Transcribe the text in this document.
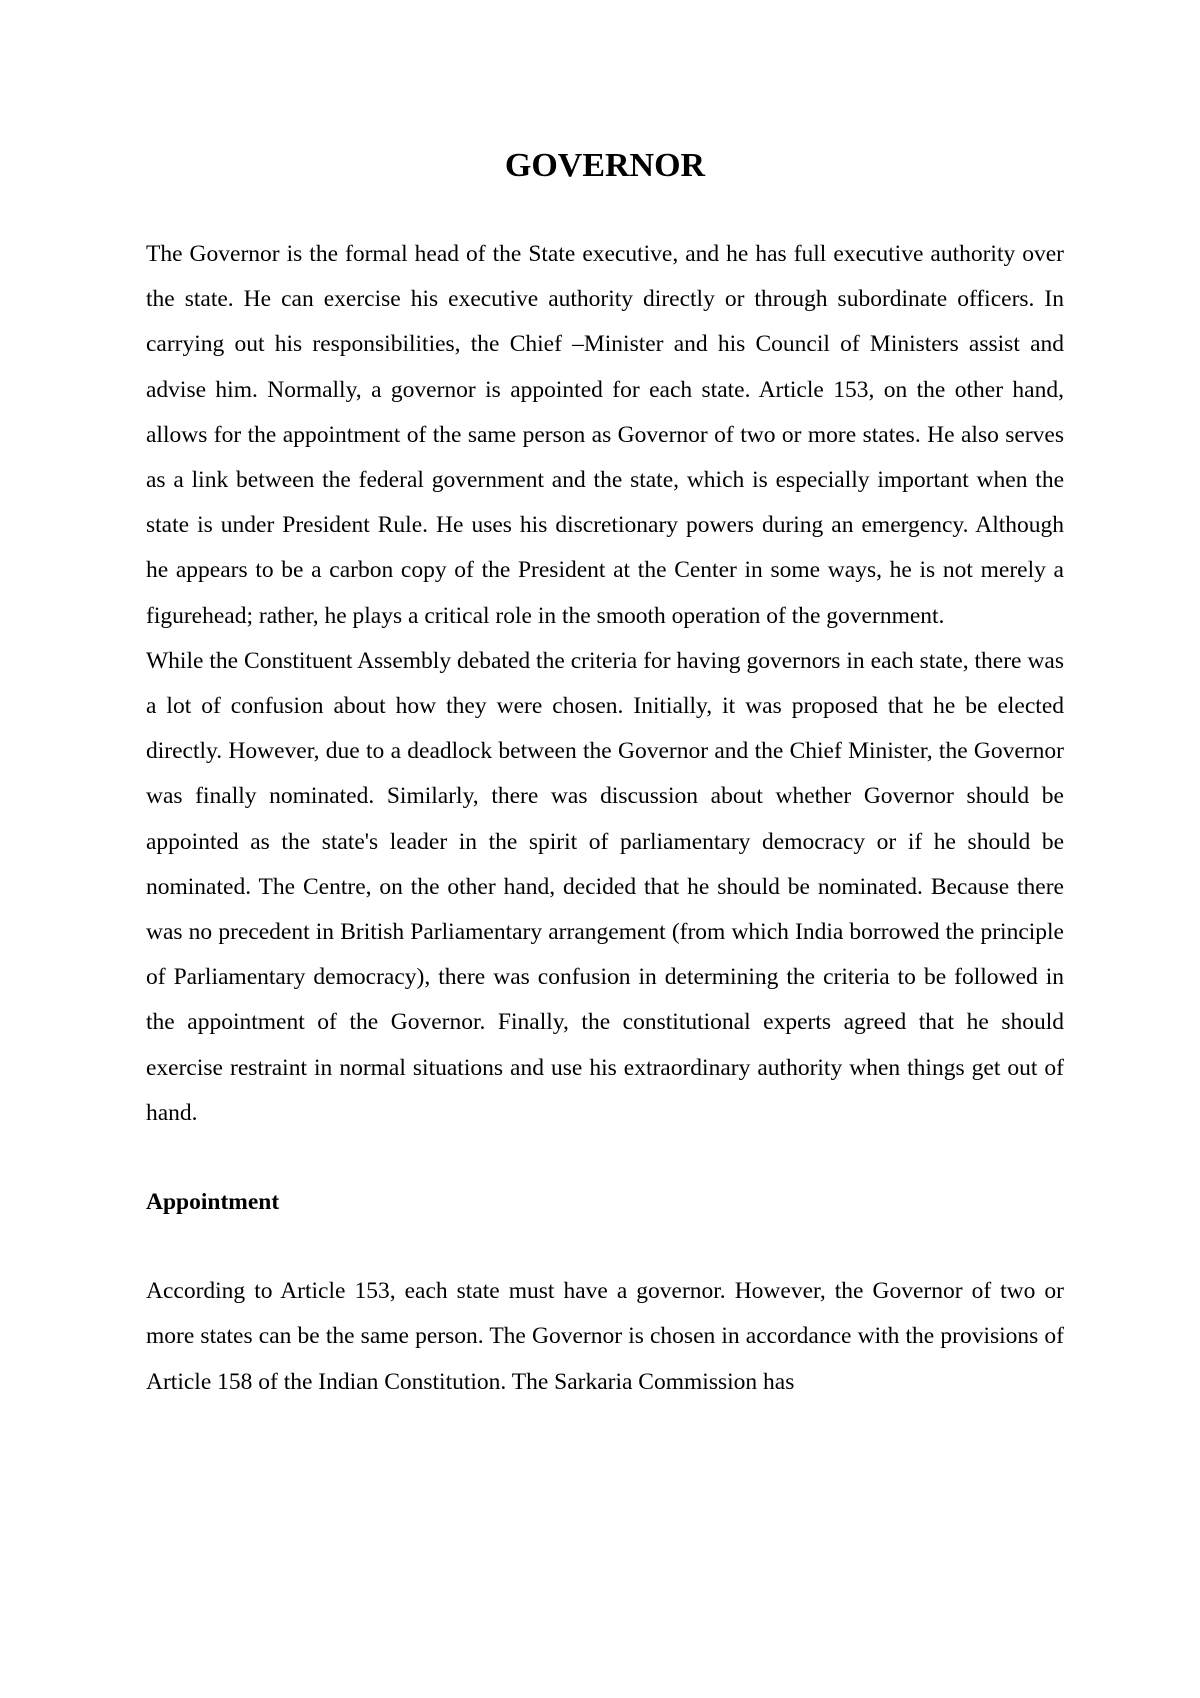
GOVERNOR

The Governor is the formal head of the State executive, and he has full executive authority over the state. He can exercise his executive authority directly or through subordinate officers. In carrying out his responsibilities, the Chief –Minister and his Council of Ministers assist and advise him. Normally, a governor is appointed for each state. Article 153, on the other hand, allows for the appointment of the same person as Governor of two or more states. He also serves as a link between the federal government and the state, which is especially important when the state is under President Rule. He uses his discretionary powers during an emergency. Although he appears to be a carbon copy of the President at the Center in some ways, he is not merely a figurehead; rather, he plays a critical role in the smooth operation of the government.

While the Constituent Assembly debated the criteria for having governors in each state, there was a lot of confusion about how they were chosen. Initially, it was proposed that he be elected directly. However, due to a deadlock between the Governor and the Chief Minister, the Governor was finally nominated. Similarly, there was discussion about whether Governor should be appointed as the state's leader in the spirit of parliamentary democracy or if he should be nominated. The Centre, on the other hand, decided that he should be nominated. Because there was no precedent in British Parliamentary arrangement (from which India borrowed the principle of Parliamentary democracy), there was confusion in determining the criteria to be followed in the appointment of the Governor. Finally, the constitutional experts agreed that he should exercise restraint in normal situations and use his extraordinary authority when things get out of hand.

Appointment

According to Article 153, each state must have a governor. However, the Governor of two or more states can be the same person. The Governor is chosen in accordance with the provisions of Article 158 of the Indian Constitution. The Sarkaria Commission has
